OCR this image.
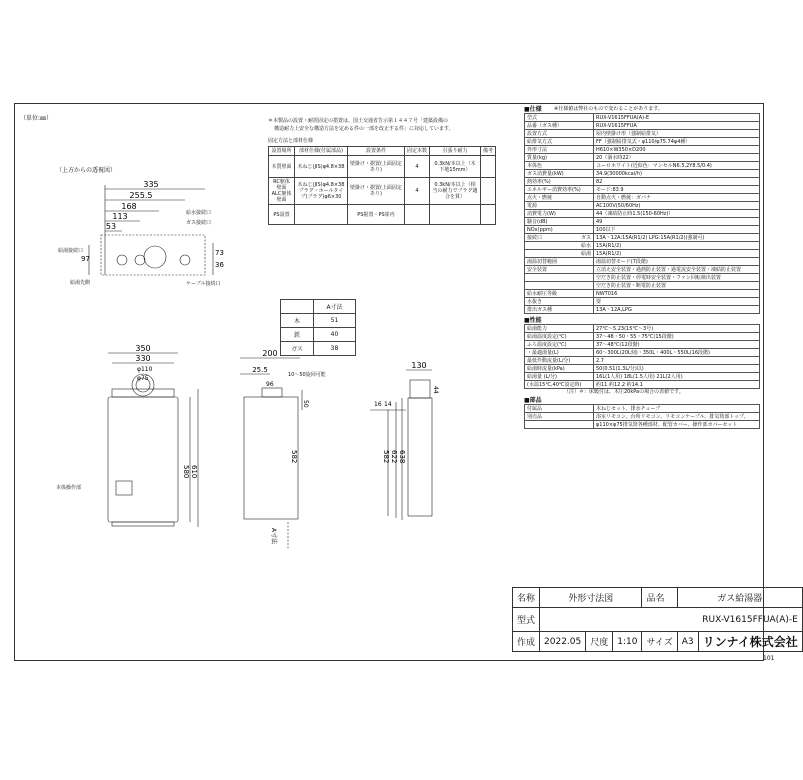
101
（単位:㎜）
（上方からの透視図）
335
255.5
168
113
53
97
73
36
給湯接続口
給湯先側
給水接続口
ガス接続口
ケーブル接続口
＊本製品の設置・耐震固定の措置は、国土交通省告示第１４４７号「建築設備の
構造耐力上安全な構造方法を定める件の一部を改正する件」に対応しています。
固定方法と部材仕様
設置場所	部材仕様(付属部品)	設置条件	固定本数	引張り耐力	備考
木質壁面	木ねじ(JIS)φ4.8×38	壁掛け・据置(上面固定あり)	4	0.3kN/本以上（木下地15mm）	
RC躯体壁面 ALC躯体壁面	木ねじ(JIS)φ4.8×38 プラグ・ホールタイプ(ブラグ)φ6×30	壁掛け・据置(上面固定あり)	4	0.3kN/本以上（相当の耐力でブラグ適合を算）	
PS設置		PS据置・PS扉内			
	A寸法
木	51
鉄	40
ガス	38
350
330
φ110
φ75
580 610
本体操作部
200
25.5
96
50
582
A寸法
10〜50旋回可能
130
44
16 14
582 622 638
■仕様	※仕様値は弊社のもので変わることがあります。
型式	RUX-V1615FFUA(A)-E
品番（ガス種）	RUX-V1615FFUA
設置方式	屋内壁掛け形（強制給排気）
給排気方式	FF（強制給排気式・φ110/φ75.74φ4種）
外形寸法	H610×W350×D200
質量(kg)	20（満水時22）
本体色	ユーロホワイト(近似色：マンセルN6.5,2Y8.5/0.4)
ガス消費量(kW)	34.9(30000kcal/h)
熱効率(%)	82
エネルギー消費効率(%)	モード:83.9
点火・燃焼	自動点火・燃焼：ガバナ
電源	AC100V(50/60Hz)
消費電力(W)	44（凍結防止時1.5(150-60Hz)）
騒音(dB)	49
NOx(ppm)	100以下
接続口 ガス	13A・12A:15A(R1/2) LPG:15A(R1/2)(強制可)

給水	15A(R1/2)

給湯	15A(R1/2)
湯温切替範囲	湯温切替モード(7段階)
安全装置	立消え安全装置・過熱防止装置・過電流安全装置・凍結防止装置
	空だき防止装置・停電時安全装置・ファン回転検出装置
	空だき防止装置・断電防止装置
給水耐圧等級	NWT016
水抜き	要
排出ガス種	13A・12A,LPG
■性能
給湯能力	27℃〜5.23(15℃〜3号)
給湯温度設定(℃)	37〜48・50・55・75℃(15段階)
ふろ温度設定(℃)	37〜48℃(12段階)
・最適湯量(L)	60〜300L(20L刻)・350L・400L・550L(16段階)
最低作動流量(L/分)	2.7
給湯時流量(kPa)	50(0.51(1.3L/分)以)
給湯量 (L/分)	16L(1人用) 18L(1.5人用) 21L(2人用)
(水温15℃,40℃設定時)	約11 約12.2 約14.1
（注）＊：床暖付は、木圧20kPaの場合の表値です。
■部品
付属品	木ねじセット、排水チューブ
別売品	浴室リモコン、台所リモコン、リモコンケーブル、排気筒部トップ、
	φ110×φ75排気筒各種部材、配管カバー、操作部カバーセット
名称	外形寸法図			品名	ガス給湯器	
型式	RUX-V1615FFUA(A)-E					
作成	2022.05	尺度	1:10	サイズ	A3	リンナイ株式会社
